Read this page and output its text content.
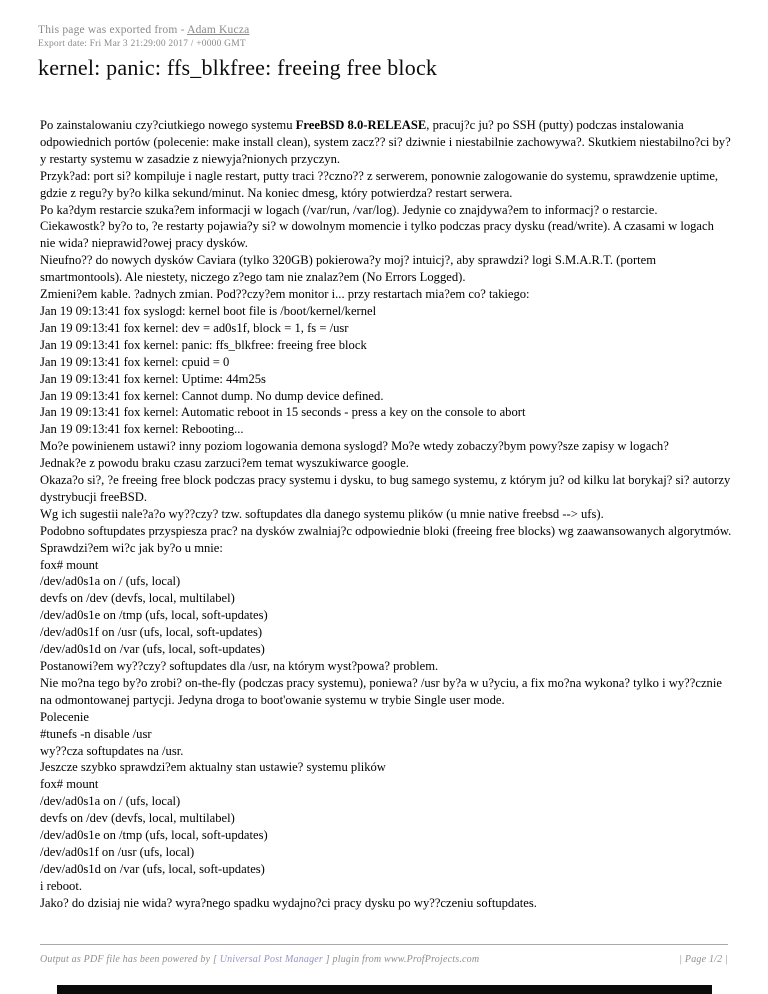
This page was exported from - Adam Kucza
Export date: Fri Mar 3 21:29:00 2017 / +0000 GMT
kernel: panic: ffs_blkfree: freeing free block

Po zainstalowaniu czy?ciutkiego nowego systemu FreeBSD 8.0-RELEASE, pracuj?c ju? po SSH (putty) podczas instalowania odpowiednich portów (polecenie: make install clean), system zacz?? si? dziwnie i niestabilnie zachowywa?. Skutkiem niestabilno?ci by?y restarty systemu w zasadzie z niewyja?nionych przyczyn.

Przyk?ad: port si? kompiluje i nagle restart, putty traci ??czno?? z serwerem, ponownie zalogowanie do systemu, sprawdzenie uptime, gdzie z regu?y by?o kilka sekund/minut. Na koniec dmesg, który potwierdza? restart serwera.

Po ka?dym restarcie szuka?em informacji w logach (/var/run, /var/log). Jedynie co znajdywa?em to informacj? o restarcie.

Ciekawostk? by?o to, ?e restarty pojawia?y si? w dowolnym momencie i tylko podczas pracy dysku (read/write). A czasami w logach nie wida? nieprawid?owej pracy dysków.

Nieufno?? do nowych dysków Caviara (tylko 320GB) pokierowa?y moj? intuicj?, aby sprawdzi? logi S.M.A.R.T. (portem smartmontools). Ale niestety, niczego z?ego tam nie znalaz?em (No Errors Logged).

Zmieni?em kable. ?adnych zmian. Pod??czy?em monitor i... przy restartach mia?em co? takiego:

Jan 19 09:13:41 fox syslogd: kernel boot file is /boot/kernel/kernel

Jan 19 09:13:41 fox kernel: dev = ad0s1f, block = 1, fs = /usr

Jan 19 09:13:41 fox kernel: panic: ffs_blkfree: freeing free block

Jan 19 09:13:41 fox kernel: cpuid = 0

Jan 19 09:13:41 fox kernel: Uptime: 44m25s

Jan 19 09:13:41 fox kernel: Cannot dump. No dump device defined.

Jan 19 09:13:41 fox kernel: Automatic reboot in 15 seconds - press a key on the console to abort

Jan 19 09:13:41 fox kernel: Rebooting...

Mo?e powinienem ustawi? inny poziom logowania demona syslogd? Mo?e wtedy zobaczy?bym powy?sze zapisy w logach?

Jednak?e z powodu braku czasu zarzuci?em temat wyszukiwarce google.

Okaza?o si?, ?e freeing free block podczas pracy systemu i dysku, to bug samego systemu, z którym ju? od kilku lat borykaj? si? autorzy dystrybucji freeBSD.

Wg ich sugestii nale?a?o wy??czy? tzw. softupdates dla danego systemu plików (u mnie native freebsd --> ufs).

Podobno softupdates przyspiesza prac? na dysków zwalniaj?c odpowiednie bloki (freeing free blocks) wg zaawansowanych algorytmów.

Sprawdzi?em wi?c jak by?o u mnie:

fox# mount

/dev/ad0s1a on / (ufs, local)

devfs on /dev (devfs, local, multilabel)

/dev/ad0s1e on /tmp (ufs, local, soft-updates)

/dev/ad0s1f on /usr (ufs, local, soft-updates)

/dev/ad0s1d on /var (ufs, local, soft-updates)

Postanowi?em wy??czy? softupdates dla /usr, na którym wyst?powa? problem.

Nie mo?na tego by?o zrobi? on-the-fly (podczas pracy systemu), poniewa? /usr by?a w u?yciu, a fix mo?na wykona? tylko i wy??cznie na odmontowanej partycji. Jedyna droga to boot'owanie systemu w trybie Single user mode.

Polecenie

#tunefs -n disable /usr

wy??cza softupdates na /usr.

Jeszcze szybko sprawdzi?em aktualny stan ustawie? systemu plików

fox# mount

/dev/ad0s1a on / (ufs, local)

devfs on /dev (devfs, local, multilabel)

/dev/ad0s1e on /tmp (ufs, local, soft-updates)

/dev/ad0s1f on /usr (ufs, local)

/dev/ad0s1d on /var (ufs, local, soft-updates)

i reboot.

Jako? do dzisiaj nie wida? wyra?nego spadku wydajno?ci pracy dysku po wy??czeniu softupdates.

Output as PDF file has been powered by [ Universal Post Manager ] plugin from www.ProfProjects.com	| Page 1/2 |
